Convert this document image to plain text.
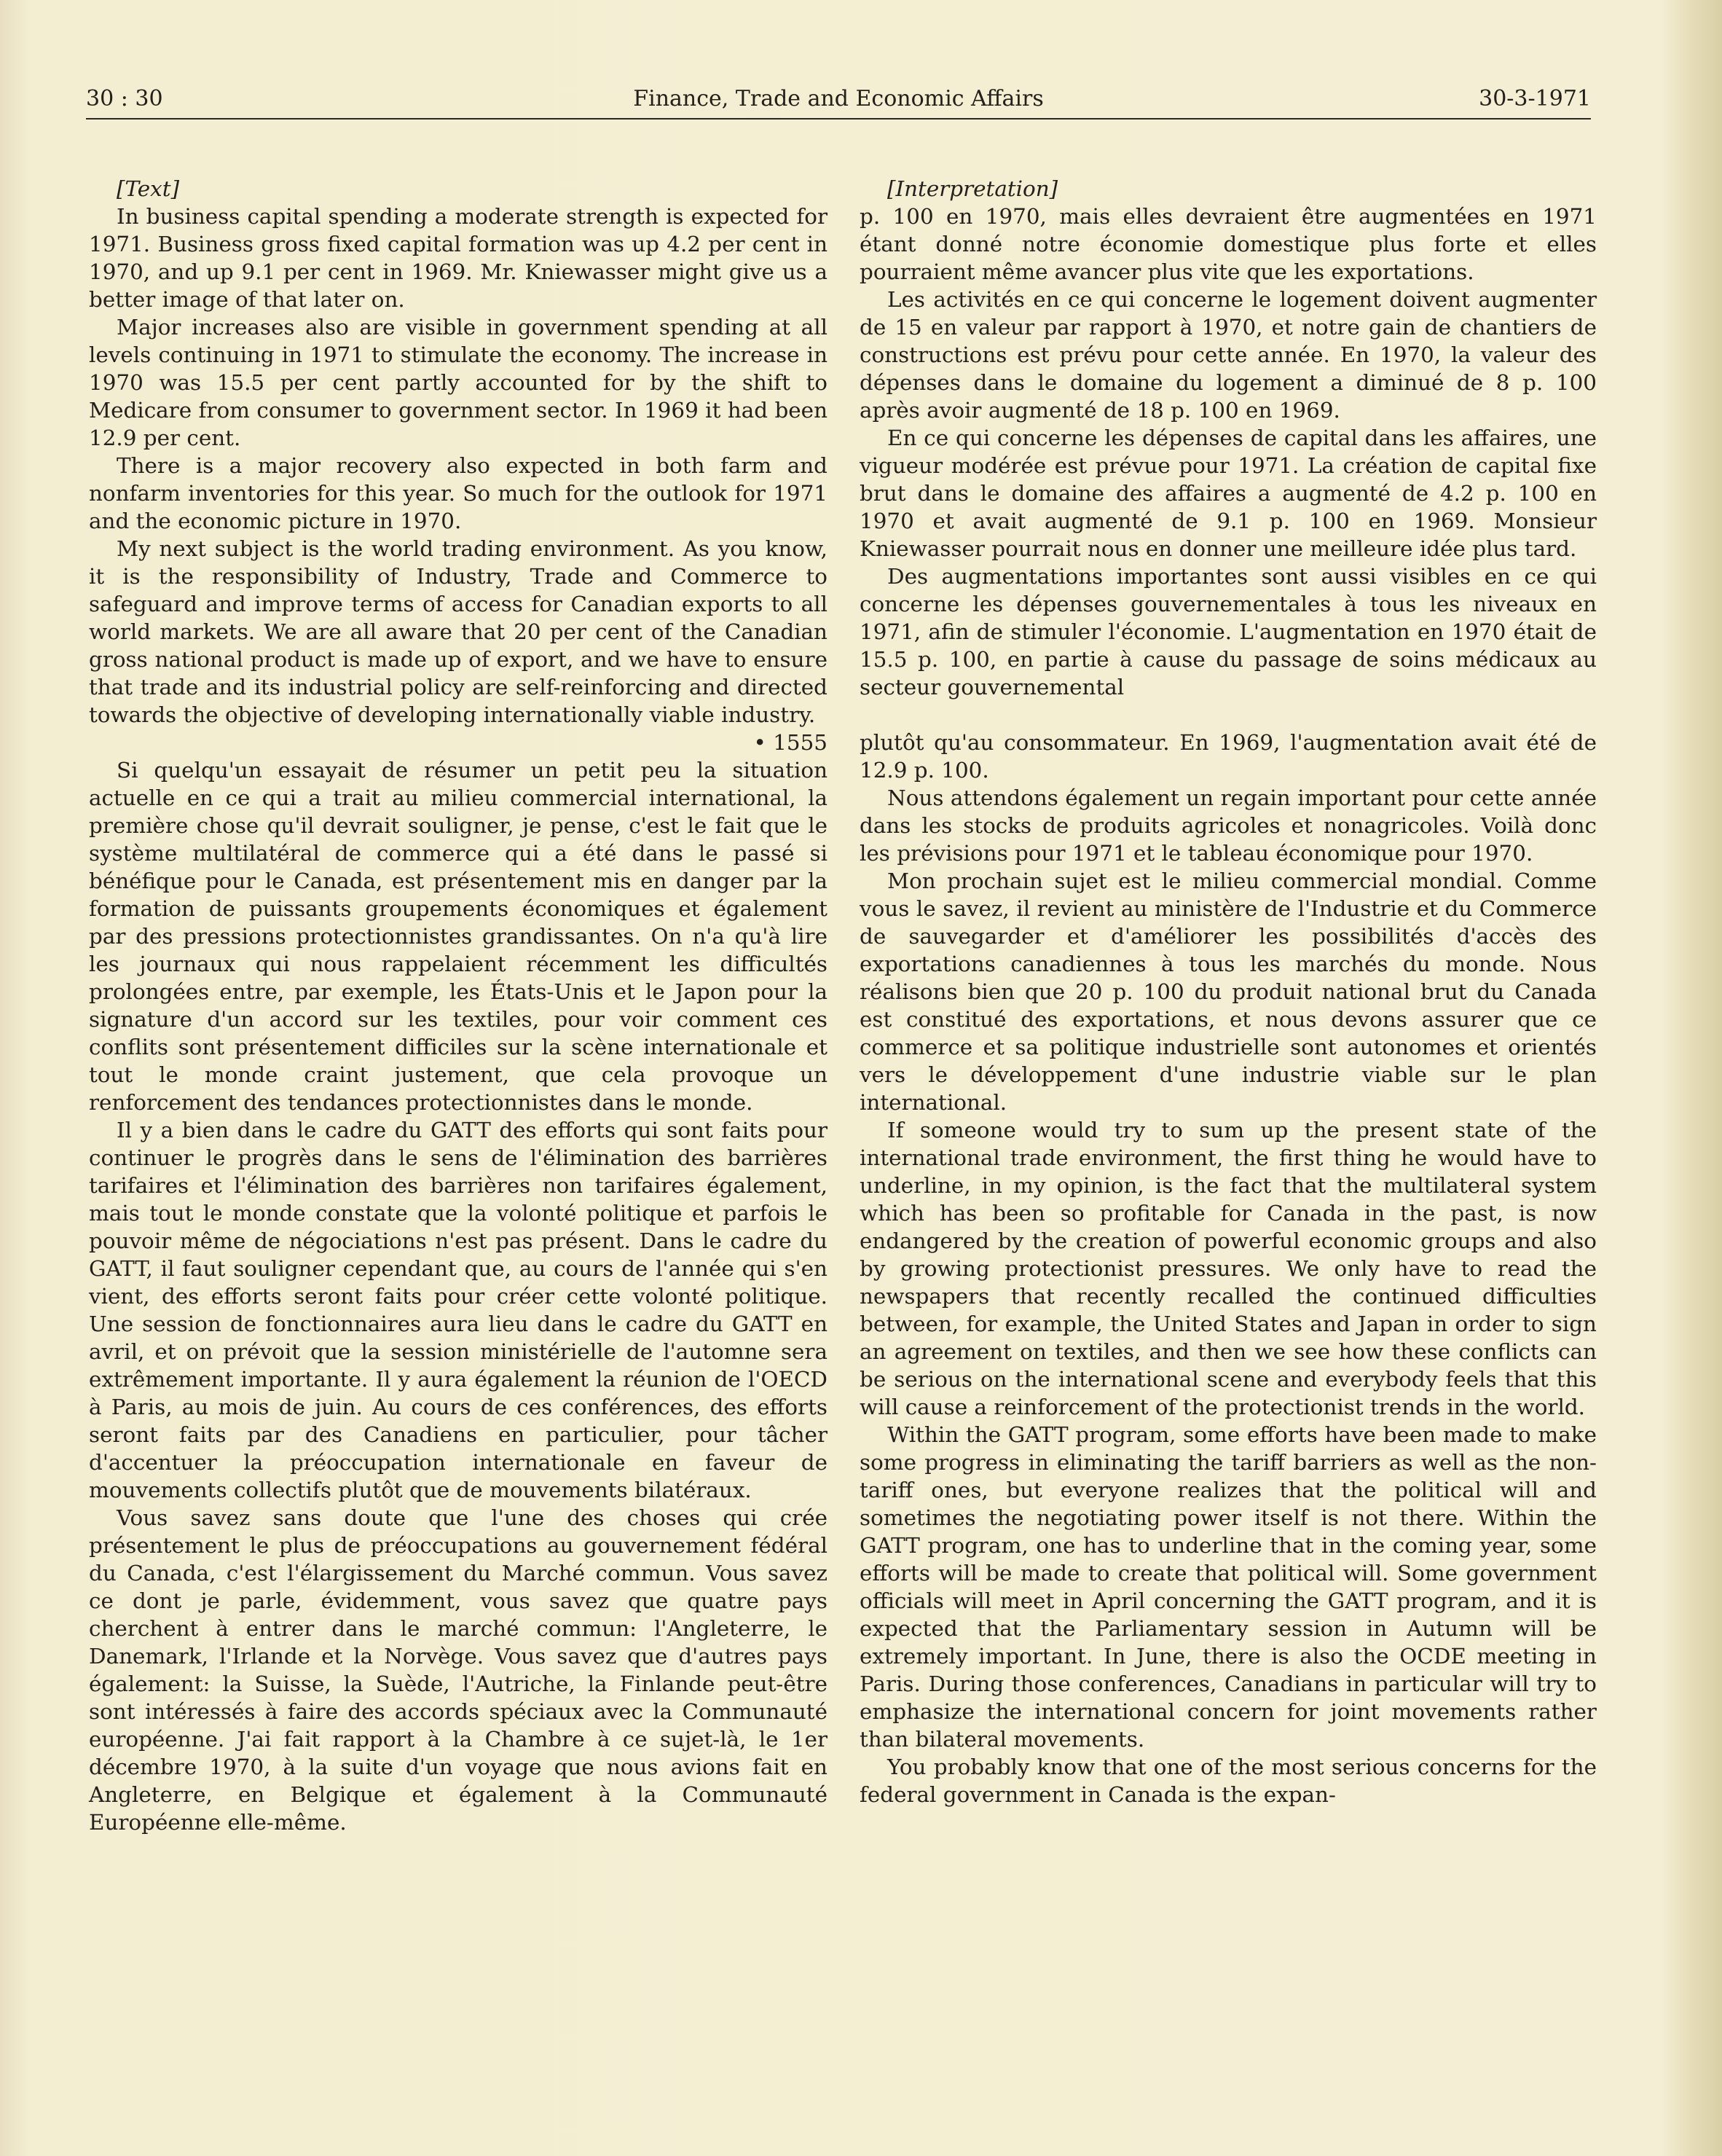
30 : 30	Finance, Trade and Economic Affairs	30-3-1971

[Text]

In business capital spending a moderate strength is expected for 1971. Business gross fixed capital formation was up 4.2 per cent in 1970, and up 9.1 per cent in 1969. Mr. Kniewasser might give us a better image of that later on.

Major increases also are visible in government spending at all levels continuing in 1971 to stimulate the economy. The increase in 1970 was 15.5 per cent partly accounted for by the shift to Medicare from consumer to government sector. In 1969 it had been 12.9 per cent.

There is a major recovery also expected in both farm and nonfarm inventories for this year. So much for the outlook for 1971 and the economic picture in 1970.

My next subject is the world trading environment. As you know, it is the responsibility of Industry, Trade and Commerce to safeguard and improve terms of access for Canadian exports to all world markets. We are all aware that 20 per cent of the Canadian gross national product is made up of export, and we have to ensure that trade and its industrial policy are self-reinforcing and directed towards the objective of developing internationally viable industry.

• 1555

Si quelqu'un essayait de résumer un petit peu la situation actuelle en ce qui a trait au milieu commercial international, la première chose qu'il devrait souligner, je pense, c'est le fait que le système multilatéral de commerce qui a été dans le passé si bénéfique pour le Canada, est présentement mis en danger par la formation de puissants groupements économiques et également par des pressions protectionnistes grandissantes. On n'a qu'à lire les journaux qui nous rappelaient récemment les difficultés prolongées entre, par exemple, les États-Unis et le Japon pour la signature d'un accord sur les textiles, pour voir comment ces conflits sont présentement difficiles sur la scène internationale et tout le monde craint justement, que cela provoque un renforcement des tendances protectionnistes dans le monde.

Il y a bien dans le cadre du GATT des efforts qui sont faits pour continuer le progrès dans le sens de l'élimination des barrières tarifaires et l'élimination des barrières non tarifaires également, mais tout le monde constate que la volonté politique et parfois le pouvoir même de négociations n'est pas présent. Dans le cadre du GATT, il faut souligner cependant que, au cours de l'année qui s'en vient, des efforts seront faits pour créer cette volonté politique. Une session de fonctionnaires aura lieu dans le cadre du GATT en avril, et on prévoit que la session ministérielle de l'automne sera extrêmement importante. Il y aura également la réunion de l'OECD à Paris, au mois de juin. Au cours de ces conférences, des efforts seront faits par des Canadiens en particulier, pour tâcher d'accentuer la préoccupation internationale en faveur de mouvements collectifs plutôt que de mouvements bilatéraux.

Vous savez sans doute que l'une des choses qui crée présentement le plus de préoccupations au gouvernement fédéral du Canada, c'est l'élargissement du Marché commun. Vous savez ce dont je parle, évidemment, vous savez que quatre pays cherchent à entrer dans le marché commun: l'Angleterre, le Danemark, l'Irlande et la Norvège. Vous savez que d'autres pays également: la Suisse, la Suède, l'Autriche, la Finlande peut-être sont intéressés à faire des accords spéciaux avec la Communauté européenne. J'ai fait rapport à la Chambre à ce sujet-là, le 1er décembre 1970, à la suite d'un voyage que nous avions fait en Angleterre, en Belgique et également à la Communauté Européenne elle-même.

[Interpretation]

p. 100 en 1970, mais elles devraient être augmentées en 1971 étant donné notre économie domestique plus forte et elles pourraient même avancer plus vite que les exportations.

Les activités en ce qui concerne le logement doivent augmenter de 15 en valeur par rapport à 1970, et notre gain de chantiers de constructions est prévu pour cette année. En 1970, la valeur des dépenses dans le domaine du logement a diminué de 8 p. 100 après avoir augmenté de 18 p. 100 en 1969.

En ce qui concerne les dépenses de capital dans les affaires, une vigueur modérée est prévue pour 1971. La création de capital fixe brut dans le domaine des affaires a augmenté de 4.2 p. 100 en 1970 et avait augmenté de 9.1 p. 100 en 1969. Monsieur Kniewasser pourrait nous en donner une meilleure idée plus tard.

Des augmentations importantes sont aussi visibles en ce qui concerne les dépenses gouvernementales à tous les niveaux en 1971, afin de stimuler l'économie. L'augmentation en 1970 était de 15.5 p. 100, en partie à cause du passage de soins médicaux au secteur gouvernemental

plutôt qu'au consommateur. En 1969, l'augmentation avait été de 12.9 p. 100.

Nous attendons également un regain important pour cette année dans les stocks de produits agricoles et nonagricoles. Voilà donc les prévisions pour 1971 et le tableau économique pour 1970.

Mon prochain sujet est le milieu commercial mondial. Comme vous le savez, il revient au ministère de l'Industrie et du Commerce de sauvegarder et d'améliorer les possibilités d'accès des exportations canadiennes à tous les marchés du monde. Nous réalisons bien que 20 p. 100 du produit national brut du Canada est constitué des exportations, et nous devons assurer que ce commerce et sa politique industrielle sont autonomes et orientés vers le développement d'une industrie viable sur le plan international.

If someone would try to sum up the present state of the international trade environment, the first thing he would have to underline, in my opinion, is the fact that the multilateral system which has been so profitable for Canada in the past, is now endangered by the creation of powerful economic groups and also by growing protectionist pressures. We only have to read the newspapers that recently recalled the continued difficulties between, for example, the United States and Japan in order to sign an agreement on textiles, and then we see how these conflicts can be serious on the international scene and everybody feels that this will cause a reinforcement of the protectionist trends in the world.

Within the GATT program, some efforts have been made to make some progress in eliminating the tariff barriers as well as the non-tariff ones, but everyone realizes that the political will and sometimes the negotiating power itself is not there. Within the GATT program, one has to underline that in the coming year, some efforts will be made to create that political will. Some government officials will meet in April concerning the GATT program, and it is expected that the Parliamentary session in Autumn will be extremely important. In June, there is also the OCDE meeting in Paris. During those conferences, Canadians in particular will try to emphasize the international concern for joint movements rather than bilateral movements.

You probably know that one of the most serious concerns for the federal government in Canada is the expan-
